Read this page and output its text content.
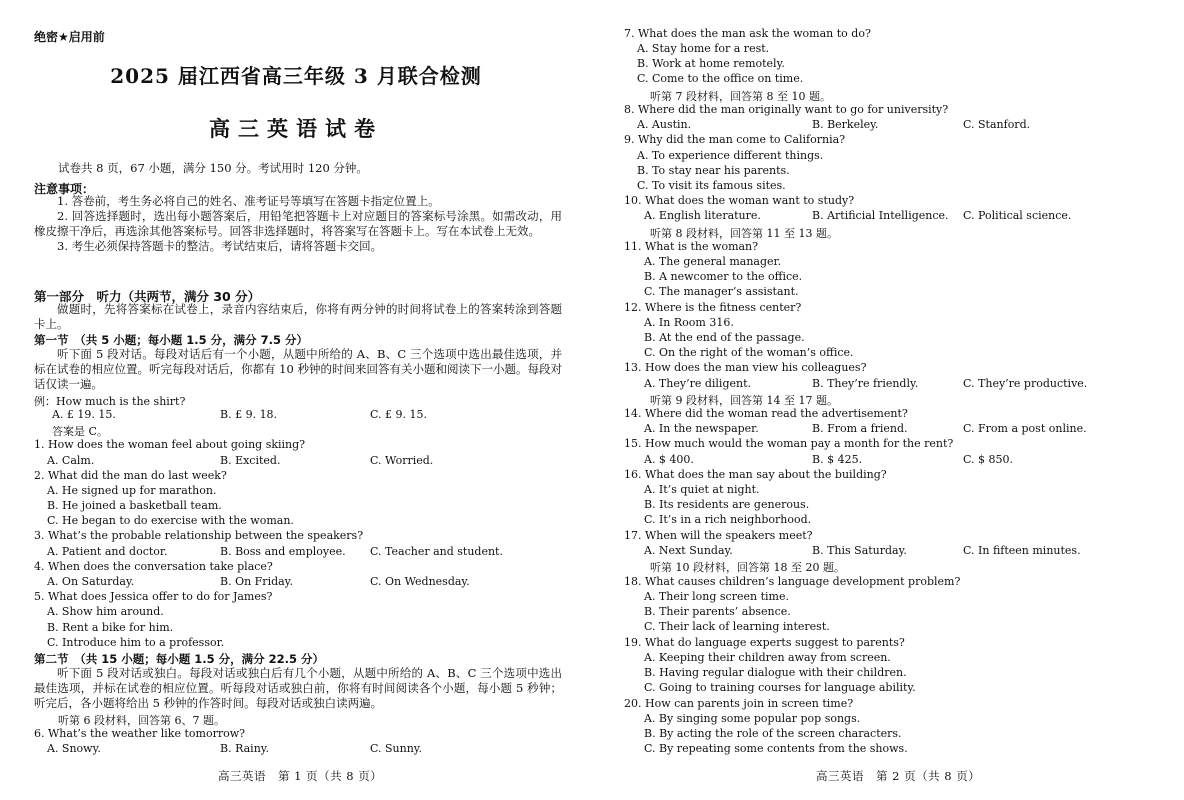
绝密★启用前
2025 届江西省高三年级 3 月联合检测
高三英语试卷
试卷共 8 页，67 小题，满分 150 分。考试用时 120 分钟。
注意事项：

1. 答卷前，考生务必将自己的姓名、准考证号等填写在答题卡指定位置上。

2. 回答选择题时，选出每小题答案后，用铅笔把答题卡上对应题目的答案标号涂黑。如需改动，用橡皮擦干净后，再选涂其他答案标号。回答非选择题时，将答案写在答题卡上。写在本试卷上无效。

3. 考生必须保持答题卡的整洁。考试结束后，请将答题卡交回。

第一部分　听力（共两节，满分 30 分）

做题时，先将答案标在试卷上，录音内容结束后，你将有两分钟的时间将试卷上的答案转涂到答题卡上。

第一节　（共 5 小题；每小题 1.5 分，满分 7.5 分）

听下面 5 段对话。每段对话后有一个小题，从题中所给的 A、B、C 三个选项中选出最佳选项，并标在试卷的相应位置。听完每段对话后，你都有 10 秒钟的时间来回答有关小题和阅读下一小题。每段对话仅读一遍。

例：How much is the shirt?
A. £ 19. 15.	B. £ 9. 18.	C. £ 9. 15.
答案是 C。
1. How does the woman feel about going skiing?
A. Calm.	B. Excited.	C. Worried.
2. What did the man do last week?
A. He signed up for marathon.
B. He joined a basketball team.
C. He began to do exercise with the woman.
3. What’s the probable relationship between the speakers?
A. Patient and doctor.	B. Boss and employee. C. Teacher and student.
4. When does the conversation take place?
A. On Saturday.	B. On Friday.	C. On Wednesday.
5. What does Jessica offer to do for James?
A. Show him around.
B. Rent a bike for him.
C. Introduce him to a professor.
第二节　（共 15 小题；每小题 1.5 分，满分 22.5 分）

听下面 5 段对话或独白。每段对话或独白后有几个小题，从题中所给的 A、B、C 三个选项中选出最佳选项，并标在试卷的相应位置。听每段对话或独白前，你将有时间阅读各个小题，每小题 5 秒钟；听完后，各小题将给出 5 秒钟的作答时间。每段对话或独白读两遍。

听第 6 段材料，回答第 6、7 题。
6. What’s the weather like tomorrow?
A. Snowy.	B. Rainy.	C. Sunny.
高三英语　第 1 页（共 8 页）
7. What does the man ask the woman to do?
A. Stay home for a rest.
B. Work at home remotely.
C. Come to the office on time.
听第 7 段材料，回答第 8 至 10 题。
8. Where did the man originally want to go for university?
A. Austin.	B. Berkeley.	C. Stanford.
9. Why did the man come to California?
A. To experience different things.
B. To stay near his parents.
C. To visit its famous sites.
10. What does the woman want to study?
A. English literature.	B. Artificial Intelligence. C. Political science.
听第 8 段材料，回答第 11 至 13 题。
11. What is the woman?
A. The general manager.
B. A newcomer to the office.
C. The manager’s assistant.
12. Where is the fitness center?
A. In Room 316.
B. At the end of the passage.
C. On the right of the woman’s office.
13. How does the man view his colleagues?
A. They’re diligent.	B. They’re friendly.	C. They’re productive.
听第 9 段材料，回答第 14 至 17 题。
14. Where did the woman read the advertisement?
A. In the newspaper.	B. From a friend.	C. From a post online.
15. How much would the woman pay a month for the rent?
A. $ 400.	B. $ 425.	C. $ 850.
16. What does the man say about the building?
A. It’s quiet at night.
B. Its residents are generous.
C. It’s in a rich neighborhood.
17. When will the speakers meet?
A. Next Sunday.	B. This Saturday.	C. In fifteen minutes.
听第 10 段材料，回答第 18 至 20 题。
18. What causes children’s language development problem?
A. Their long screen time.
B. Their parents’ absence.
C. Their lack of learning interest.
19. What do language experts suggest to parents?
A. Keeping their children away from screen.
B. Having regular dialogue with their children.
C. Going to training courses for language ability.
20. How can parents join in screen time?
A. By singing some popular pop songs.
B. By acting the role of the screen characters.
C. By repeating some contents from the shows.
高三英语　第 2 页（共 8 页）
